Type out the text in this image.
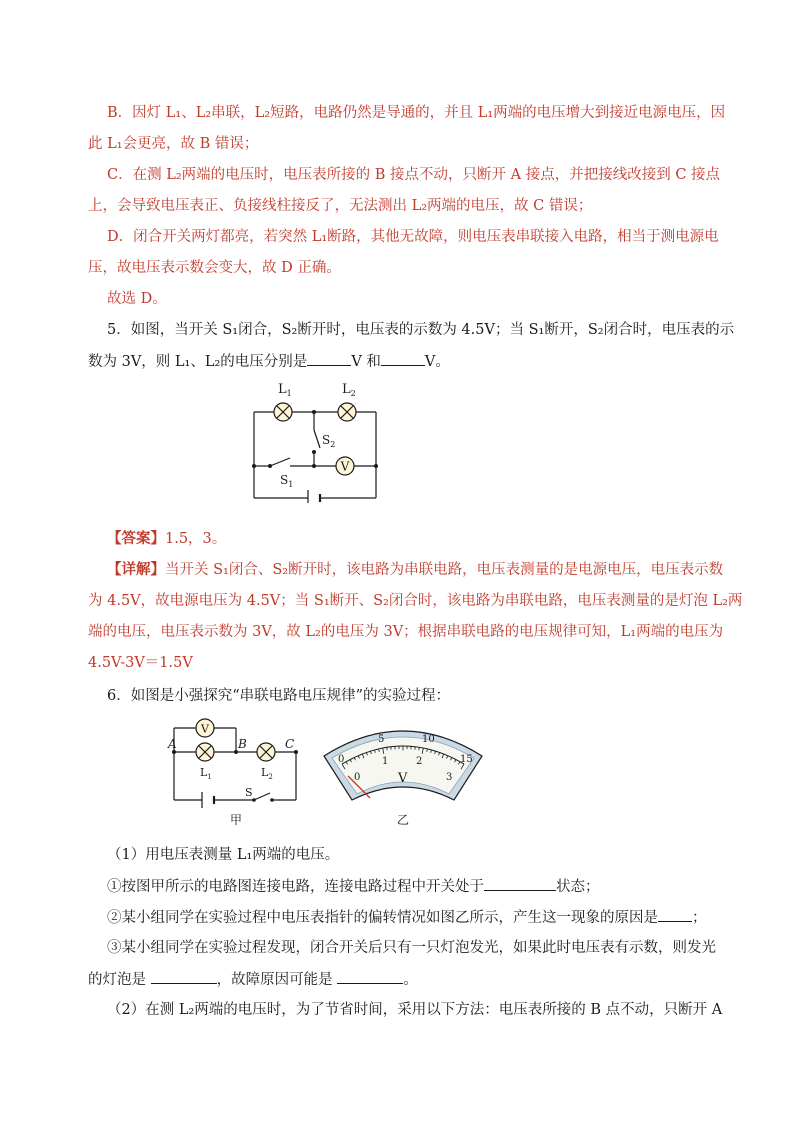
B．因灯 L₁、L₂串联，L₂短路，电路仍然是导通的，并且 L₁两端的电压增大到接近电源电压，因
此 L₁会更亮，故 B 错误；
C．在测 L₂两端的电压时，电压表所接的 B 接点不动，只断开 A 接点，并把接线改接到 C 接点
上，会导致电压表正、负接线柱接反了，无法测出 L₂两端的电压，故 C 错误；
D．闭合开关两灯都亮，若突然 L₁断路，其他无故障，则电压表串联接入电路，相当于测电源电
压，故电压表示数会变大，故 D 正确。
故选 D。
5．如图，当开关 S₁闭合，S₂断开时，电压表的示数为 4.5V；当 S₁断开，S₂闭合时，电压表的示
数为 3V，则 L₁、L₂的电压分别是	V 和	V。
V
$L_1$	$L_2$
$S_2$
$S_1$
【答案】1.5，3。
【详解】当开关 S₁闭合、S₂断开时，该电路为串联电路，电压表测量的是电源电压，电压表示数
为 4.5V，故电源电压为 4.5V；当 S₁断开、S₂闭合时，该电路为串联电路，电压表测量的是灯泡 L₂两
端的电压，电压表示数为 3V，故 L₂的电压为 3V；根据串联电路的电压规律可知，L₁两端的电压为
4.5V-3V＝1.5V
6．如图是小强探究“串联电路电压规律”的实验过程：
V
A	B	C
$L_1$	$L_2$
S
甲
0
5	10
15
0
1	2
3
V
乙
（1）用电压表测量 L₁两端的电压。
①按图甲所示的电路图连接电路，连接电路过程中开关处于	状态；
②某小组同学在实验过程中电压表指针的偏转情况如图乙所示，产生这一现象的原因是 ；
③某小组同学在实验过程发现，闭合开关后只有一只灯泡发光，如果此时电压表有示数，则发光
的灯泡是	，故障原因可能是	。
（2）在测 L₂两端的电压时，为了节省时间，采用以下方法：电压表所接的 B 点不动，只断开 A
